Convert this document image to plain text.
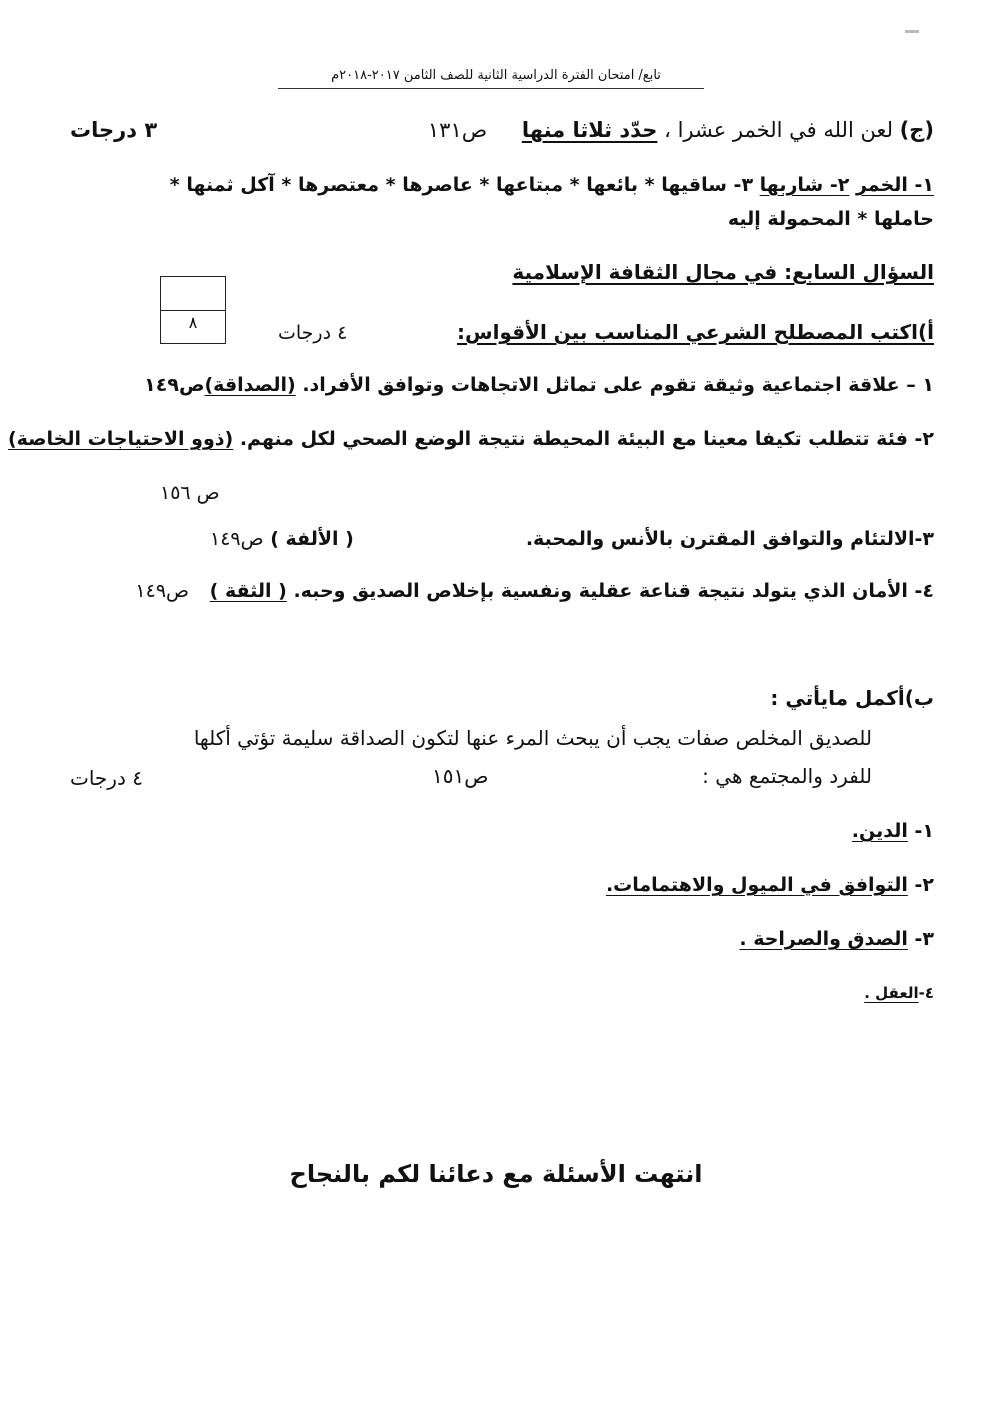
تابع/ امتحان الفترة الدراسية الثانية للصف الثامن ٢٠١٧-٢٠١٨م
(ج) لعن الله في الخمر عشرا ، حدّد ثلاثا منها ص١٣١
٣ درجات
١- الخمر ٢- شاربها ٣- ساقيها * بائعها * مبتاعها * عاصرها * معتصرها * آكل ثمنها *
حاملها * المحمولة إليه
السؤال السابع: في مجال الثقافة الإسلامية
٨	أ)اكتب المصطلح الشرعي المناسب بين الأقواس:
٤ درجات
١ – علاقة اجتماعية وثيقة تقوم على تماثل الاتجاهات وتوافق الأفراد. (الصداقة)ص١٤٩
٢- فئة تتطلب تكيفا معينا مع البيئة المحيطة نتيجة الوضع الصحي لكل منهم. (ذوو الاحتياجات الخاصة)
ص ١٥٦
٣-الالتئام والتوافق المقترن بالأنس والمحبة.
( الألفة ) ص١٤٩
٤- الأمان الذي يتولد نتيجة قناعة عقلية ونفسية بإخلاص الصديق وحبه. ( الثقة ) ص١٤٩
ب)أكمل مايأتي :
للصديق المخلص صفات يجب أن يبحث المرء عنها لتكون الصداقة سليمة تؤتي أكلها
للفرد والمجتمع هي :
ص١٥١
٤ درجات
١- الدين.
٢- التوافق في الميول والاهتمامات.
٣- الصدق والصراحة .
٤-العقل .
انتهت الأسئلة مع دعائنا لكم بالنجاح
